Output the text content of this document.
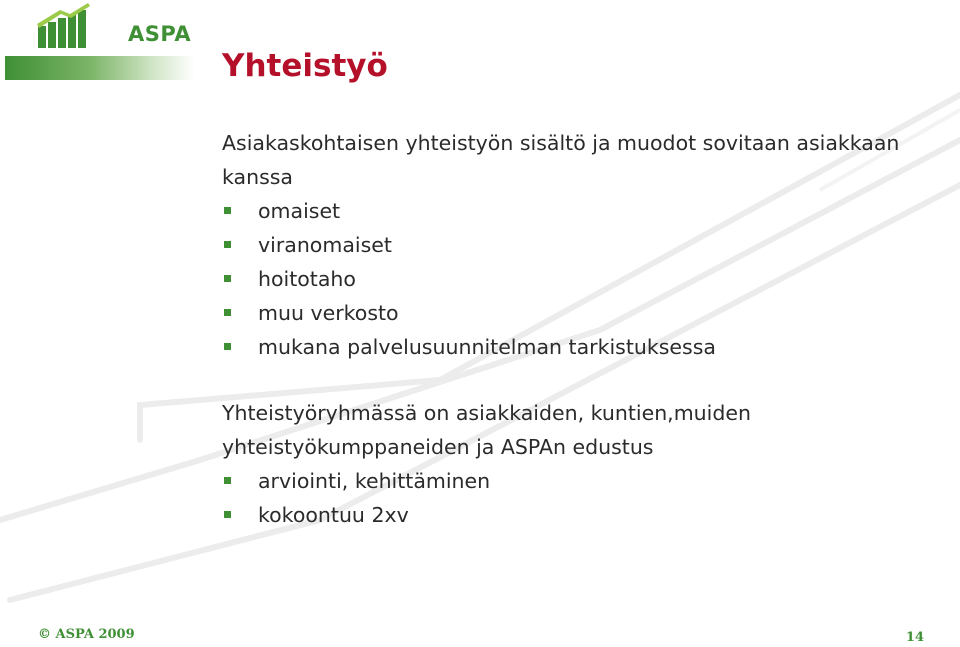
ASPA
Yhteistyö

Asiakaskohtaisen yhteistyön sisältö ja muodot sovitaan asiakkaan kanssa

omaiset
viranomaiset
hoitotaho
muu verkosto
mukana palvelusuunnitelman tarkistuksessa

Yhteistyöryhmässä on asiakkaiden, kuntien,muiden yhteistyökumppaneiden ja ASPAn edustus

arviointi, kehittäminen
kokoontuu 2xv
© ASPA 2009	14
